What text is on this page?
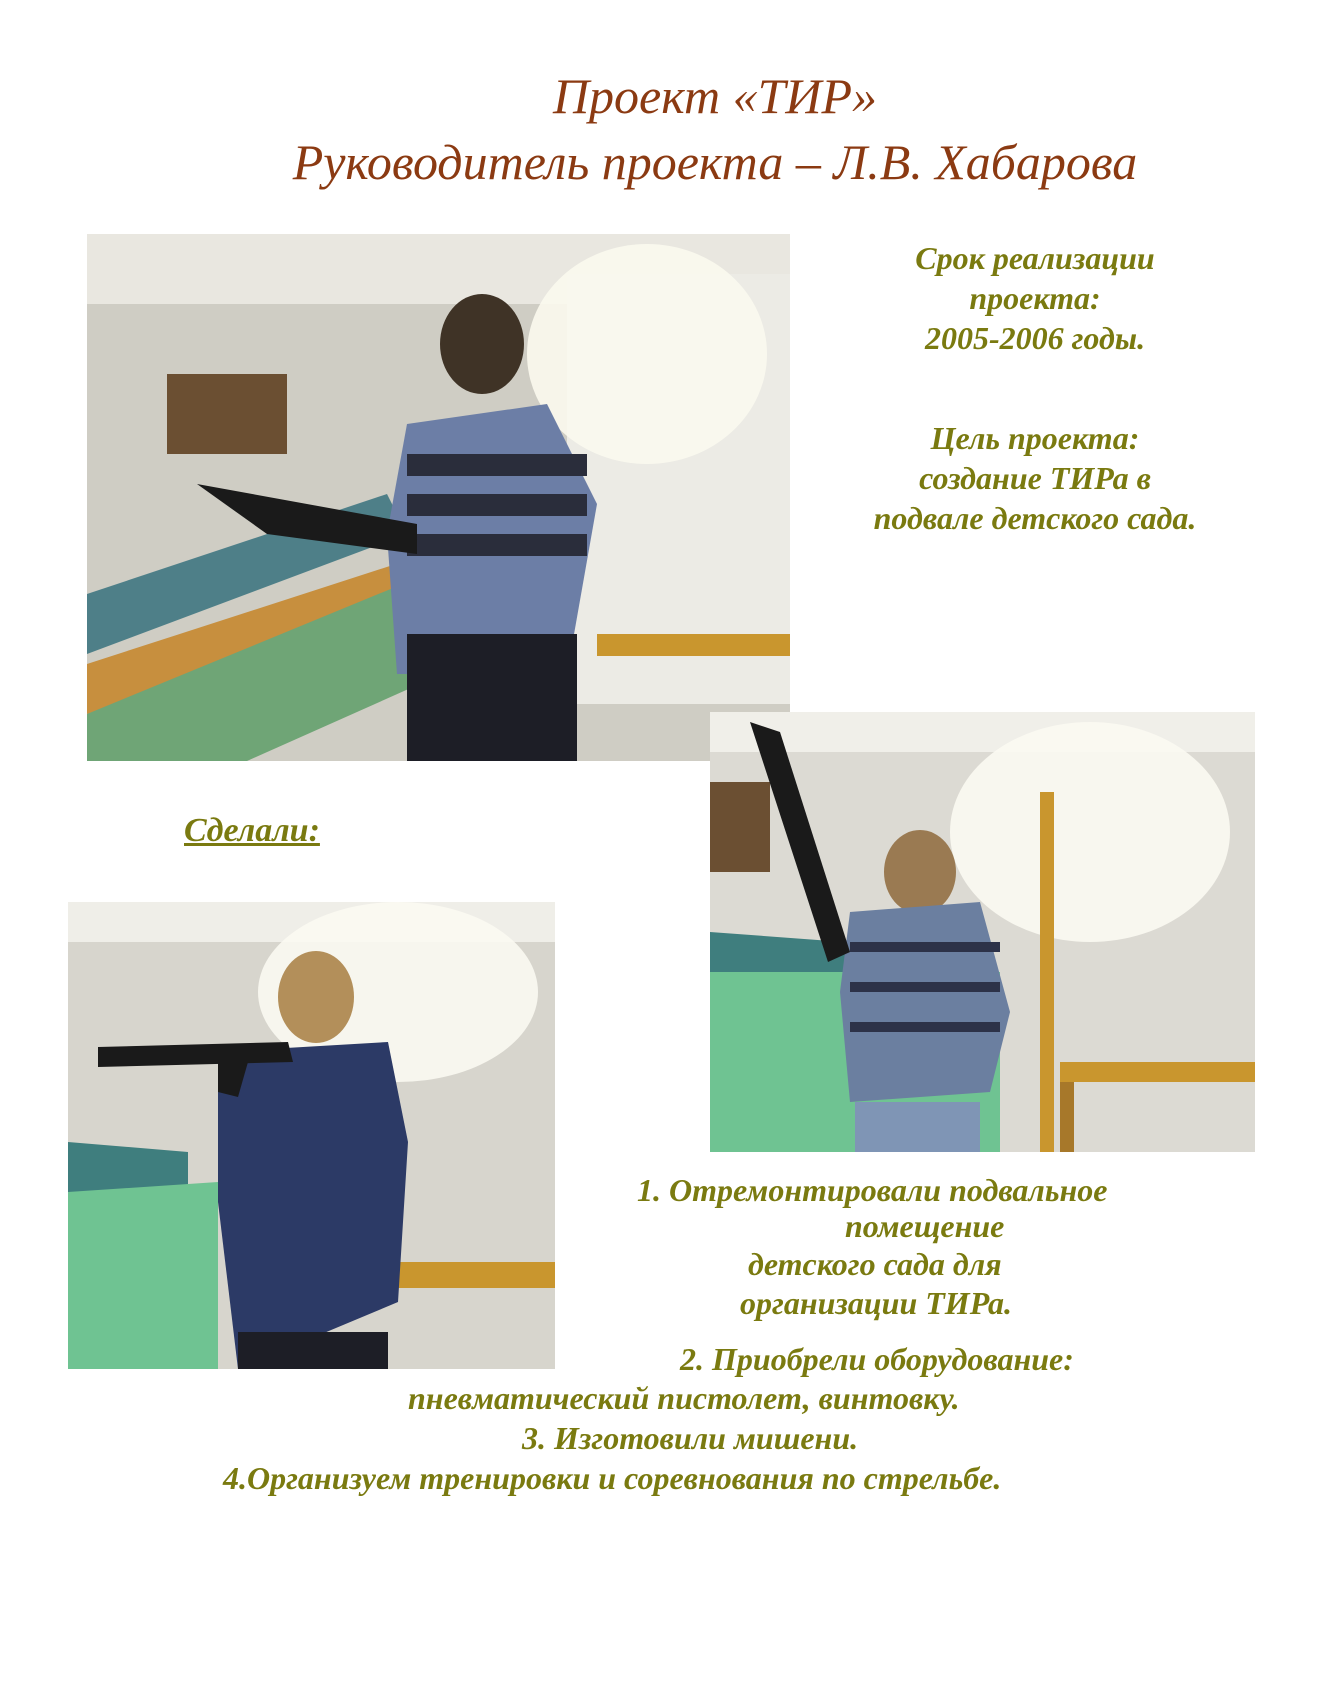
Проект «ТИР»
Руководитель проекта – Л.В. Хабарова

Срок реализации
проекта:

2005-2006 годы.

Цель проекта:

создание ТИРа в
подвале детского сада.

Сделали:

1. Отремонтировали подвальное

помещение

детского сада для

организации ТИРа.

2. Приобрели оборудование:

пневматический пистолет, винтовку.

3. Изготовили мишени.

4.Организуем тренировки и соревнования по стрельбе.
